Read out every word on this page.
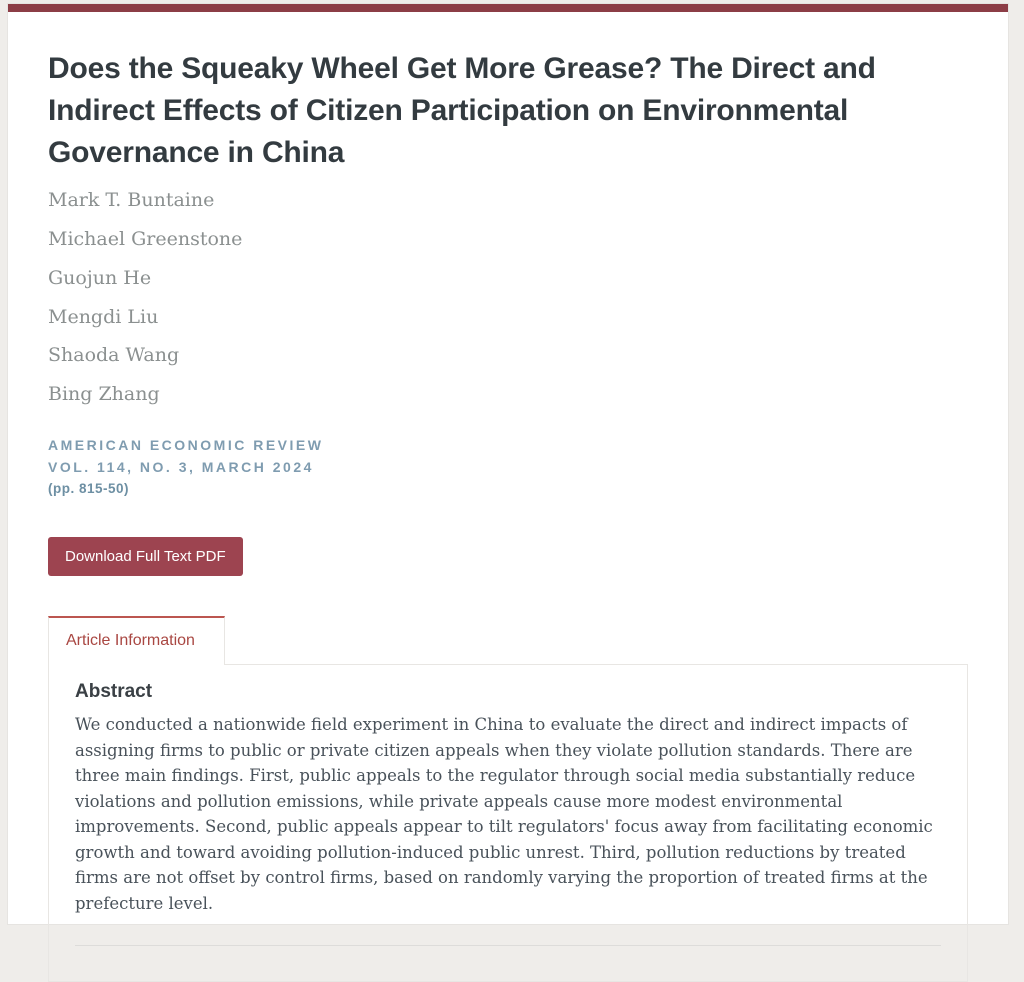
Does the Squeaky Wheel Get More Grease? The Direct and Indirect Effects of Citizen Participation on Environmental Governance in China
Mark T. Buntaine
Michael Greenstone
Guojun He
Mengdi Liu
Shaoda Wang
Bing Zhang
AMERICAN ECONOMIC REVIEW
VOL. 114, NO. 3, MARCH 2024
(pp. 815-50)
Download Full Text PDF
Article Information
Abstract

We conducted a nationwide field experiment in China to evaluate the direct and indirect impacts of assigning firms to public or private citizen appeals when they violate pollution standards. There are three main findings. First, public appeals to the regulator through social media substantially reduce violations and pollution emissions, while private appeals cause more modest environmental improvements. Second, public appeals appear to tilt regulators' focus away from facilitating economic growth and toward avoiding pollution-induced public unrest. Third, pollution reductions by treated firms are not offset by control firms, based on randomly varying the proportion of treated firms at the prefecture level.
